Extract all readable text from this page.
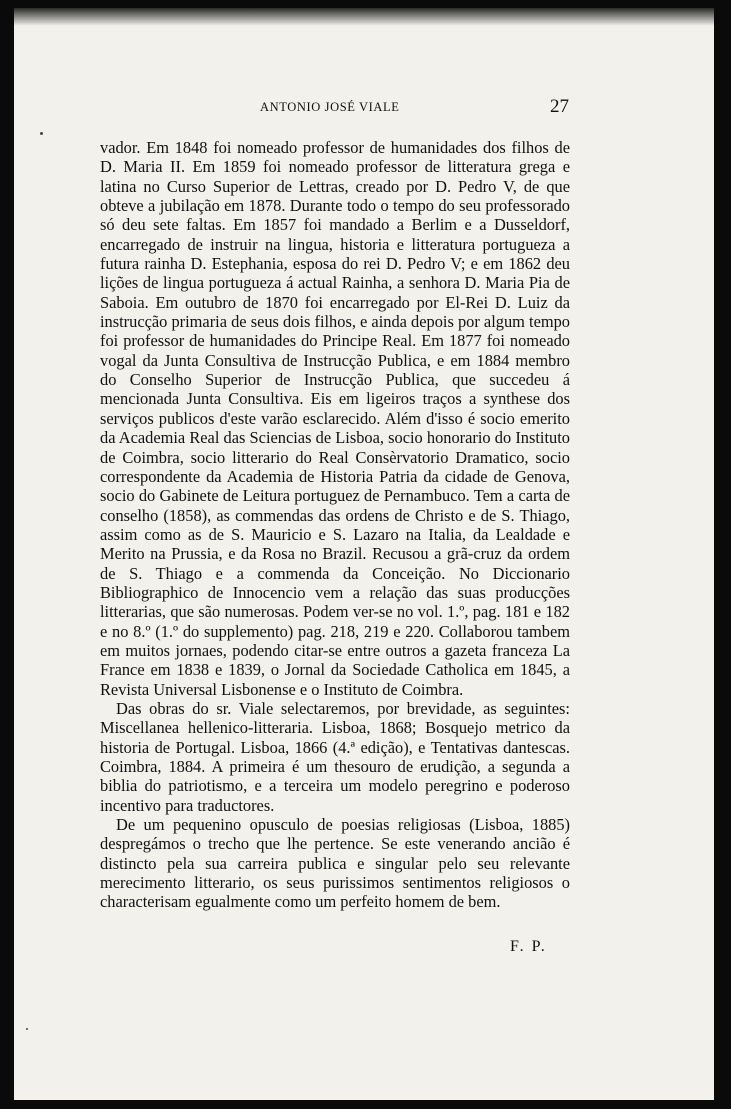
ANTONIO JOSÉ VIALE	27

vador. Em 1848 foi nomeado professor de humanidades dos filhos de D. Maria II. Em 1859 foi nomeado professor de litteratura grega e latina no Curso Superior de Lettras, creado por D. Pedro V, de que obteve a jubilação em 1878. Durante todo o tempo do seu professorado só deu sete faltas. Em 1857 foi mandado a Berlim e a Dusseldorf, encarregado de instruir na lingua, historia e litteratura portugueza a futura rainha D. Estephania, esposa do rei D. Pedro V; e em 1862 deu lições de lingua portugueza á actual Rainha, a senhora D. Maria Pia de Saboia. Em outubro de 1870 foi encarregado por El-Rei D. Luiz da instrucção primaria de seus dois filhos, e ainda depois por algum tempo foi professor de humanidades do Principe Real. Em 1877 foi nomeado vogal da Junta Consultiva de Instrucção Publica, e em 1884 membro do Conselho Superior de Instrucção Publica, que succedeu á mencionada Junta Consultiva. Eis em ligeiros traços a synthese dos serviços publicos d'este varão esclarecido. Além d'isso é socio emerito da Academia Real das Sciencias de Lisboa, socio honorario do Instituto de Coimbra, socio litterario do Real Consèrvatorio Dramatico, socio correspondente da Academia de Historia Patria da cidade de Genova, socio do Gabinete de Leitura portuguez de Pernambuco. Tem a carta de conselho (1858), as commendas das ordens de Christo e de S. Thiago, assim como as de S. Mauricio e S. Lazaro na Italia, da Lealdade e Merito na Prussia, e da Rosa no Brazil. Recusou a grã-cruz da ordem de S. Thiago e a commenda da Conceição. No Diccionario Bibliographico de Innocencio vem a relação das suas producções litterarias, que são numerosas. Podem ver-se no vol. 1.º, pag. 181 e 182 e no 8.º (1.º do supplemento) pag. 218, 219 e 220. Collaborou tambem em muitos jornaes, podendo citar-se entre outros a gazeta franceza La France em 1838 e 1839, o Jornal da Sociedade Catholica em 1845, a Revista Universal Lisbonense e o Instituto de Coimbra.

Das obras do sr. Viale selectaremos, por brevidade, as seguintes: Miscellanea hellenico-litteraria. Lisboa, 1868; Bosquejo metrico da historia de Portugal. Lisboa, 1866 (4.ª edição), e Tentativas dantescas. Coimbra, 1884. A primeira é um thesouro de erudição, a segunda a biblia do patriotismo, e a terceira um modelo peregrino e poderoso incentivo para traductores.

De um pequenino opusculo de poesias religiosas (Lisboa, 1885) despregámos o trecho que lhe pertence. Se este venerando ancião é distincto pela sua carreira publica e singular pelo seu relevante merecimento litterario, os seus purissimos sentimentos religiosos o characterisam egualmente como um perfeito homem de bem.

F. P.
